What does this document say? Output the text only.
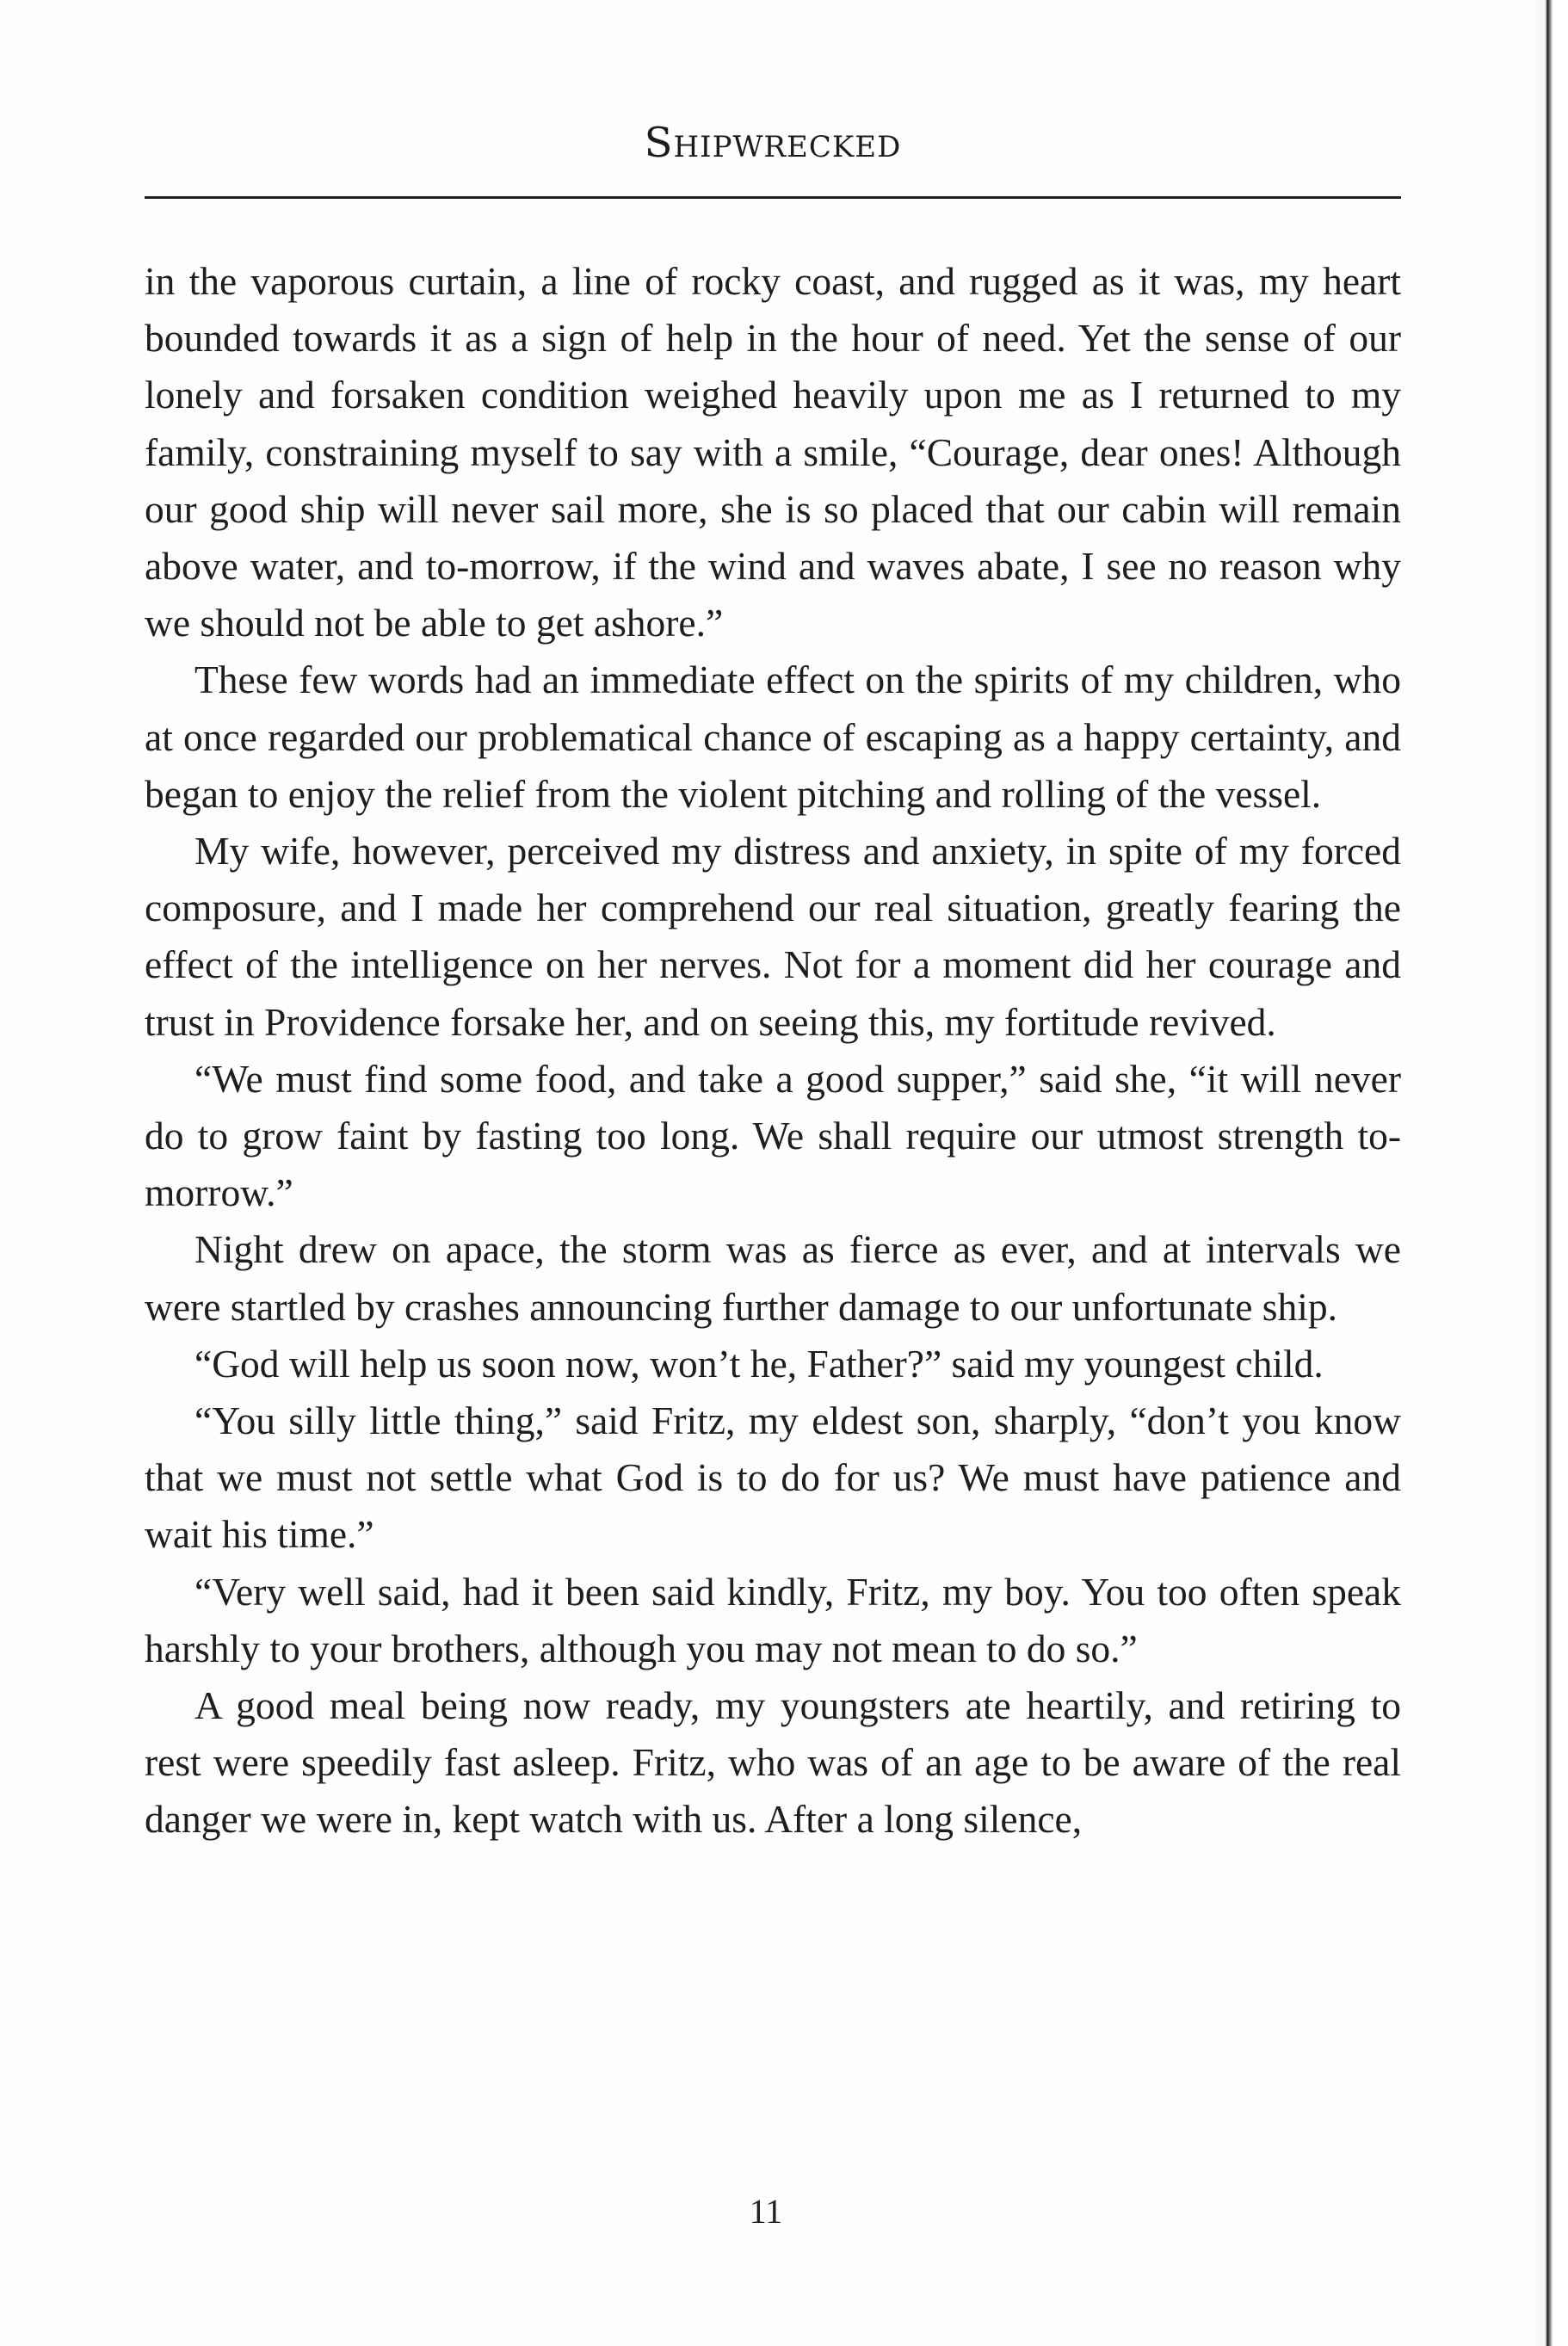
Shipwrecked

in the vaporous curtain, a line of rocky coast, and rugged as it was, my heart bounded towards it as a sign of help in the hour of need. Yet the sense of our lonely and forsaken condition weighed heavily upon me as I returned to my family, constraining myself to say with a smile, “Courage, dear ones! Although our good ship will never sail more, she is so placed that our cabin will remain above water, and to-morrow, if the wind and waves abate, I see no reason why we should not be able to get ashore.”

These few words had an immediate effect on the spirits of my children, who at once regarded our problematical chance of escaping as a happy certainty, and began to enjoy the relief from the violent pitching and rolling of the vessel.

My wife, however, perceived my distress and anxiety, in spite of my forced composure, and I made her comprehend our real situation, greatly fearing the effect of the intelligence on her nerves. Not for a moment did her courage and trust in Providence forsake her, and on seeing this, my fortitude revived.

“We must find some food, and take a good supper,” said she, “it will never do to grow faint by fasting too long. We shall require our utmost strength to-morrow.”

Night drew on apace, the storm was as fierce as ever, and at intervals we were startled by crashes announcing further damage to our unfortunate ship.

“God will help us soon now, won’t he, Father?” said my youngest child.

“You silly little thing,” said Fritz, my eldest son, sharply, “don’t you know that we must not settle what God is to do for us? We must have patience and wait his time.”

“Very well said, had it been said kindly, Fritz, my boy. You too often speak harshly to your brothers, although you may not mean to do so.”

A good meal being now ready, my youngsters ate heartily, and retiring to rest were speedily fast asleep. Fritz, who was of an age to be aware of the real danger we were in, kept watch with us. After a long silence,

11
